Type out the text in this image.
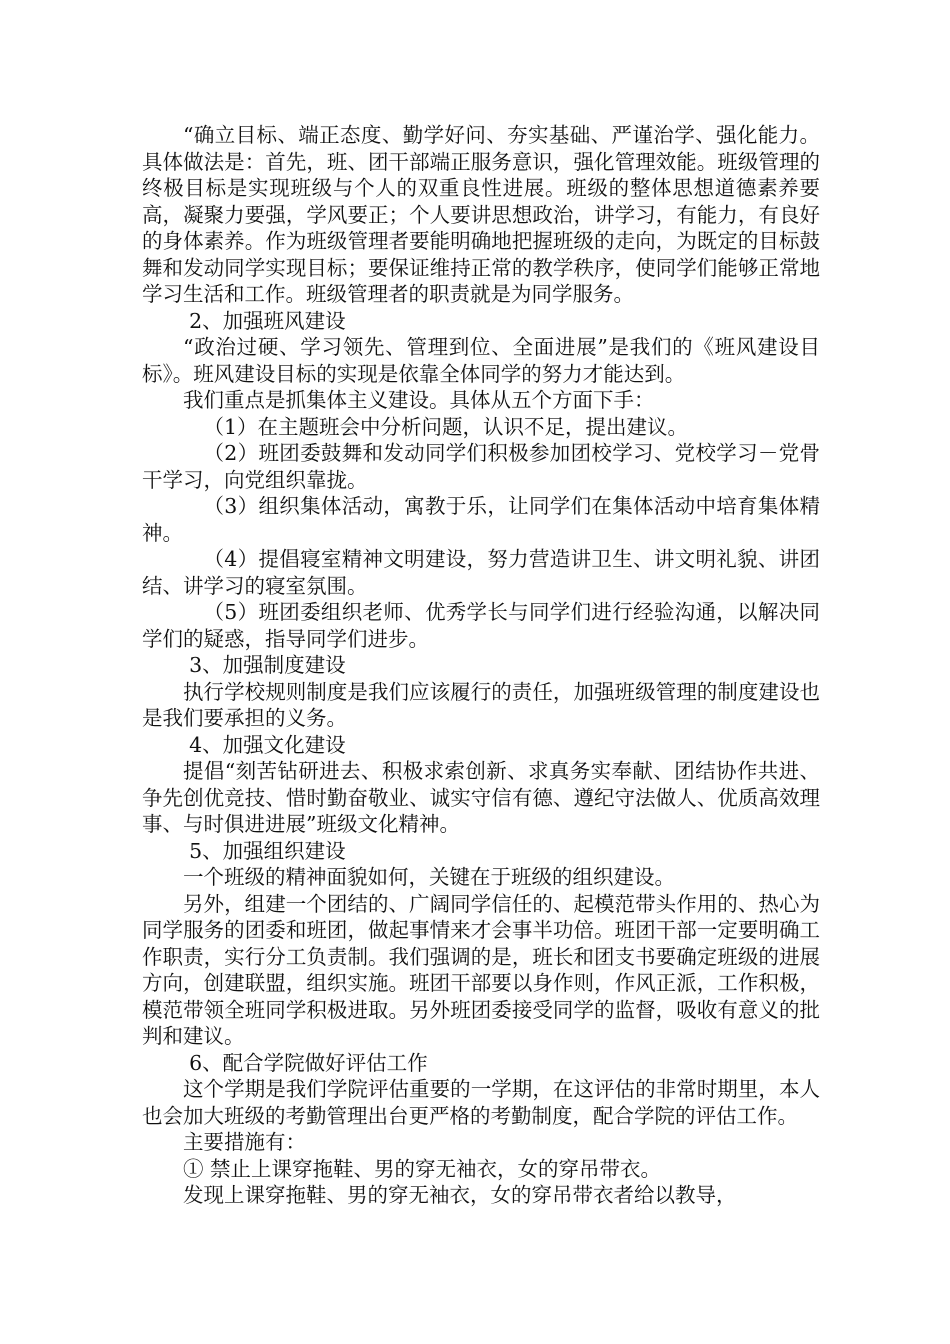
“确立目标、端正态度、勤学好问、夯实基础、严谨治学、强化能力。具体做法是：首先，班、团干部端正服务意识，强化管理效能。班级管理的终极目标是实现班级与个人的双重良性进展。班级的整体思想道德素养要高，凝聚力要强，学风要正；个人要讲思想政治，讲学习，有能力，有良好的身体素养。作为班级管理者要能明确地把握班级的走向，为既定的目标鼓舞和发动同学实现目标；要保证维持正常的教学秩序，使同学们能够正常地学习生活和工作。班级管理者的职责就是为同学服务。

2、加强班风建设

“政治过硬、学习领先、管理到位、全面进展”是我们的《班风建设目标》。班风建设目标的实现是依靠全体同学的努力才能达到。

我们重点是抓集体主义建设。具体从五个方面下手：

（1）在主题班会中分析问题，认识不足，提出建议。

（2）班团委鼓舞和发动同学们积极参加团校学习、党校学习－党骨干学习，向党组织靠拢。

（3）组织集体活动，寓教于乐，让同学们在集体活动中培育集体精神。

（4）提倡寝室精神文明建设，努力营造讲卫生、讲文明礼貌、讲团结、讲学习的寝室氛围。

（5）班团委组织老师、优秀学长与同学们进行经验沟通，以解决同学们的疑惑，指导同学们进步。

3、加强制度建设

执行学校规则制度是我们应该履行的责任，加强班级管理的制度建设也是我们要承担的义务。

4、加强文化建设

提倡“刻苦钻研进去、积极求索创新、求真务实奉献、团结协作共进、争先创优竞技、惜时勤奋敬业、诚实守信有德、遵纪守法做人、优质高效理事、与时俱进进展”班级文化精神。

5、加强组织建设

一个班级的精神面貌如何，关键在于班级的组织建设。

另外，组建一个团结的、广阔同学信任的、起模范带头作用的、热心为同学服务的团委和班团，做起事情来才会事半功倍。班团干部一定要明确工作职责，实行分工负责制。我们强调的是，班长和团支书要确定班级的进展方向，创建联盟，组织实施。班团干部要以身作则，作风正派，工作积极，模范带领全班同学积极进取。另外班团委接受同学的监督，吸收有意义的批判和建议。

6、配合学院做好评估工作

这个学期是我们学院评估重要的一学期，在这评估的非常时期里，本人也会加大班级的考勤管理出台更严格的考勤制度，配合学院的评估工作。

主要措施有：

① 禁止上课穿拖鞋、男的穿无袖衣，女的穿吊带衣。

发现上课穿拖鞋、男的穿无袖衣，女的穿吊带衣者给以教导，
